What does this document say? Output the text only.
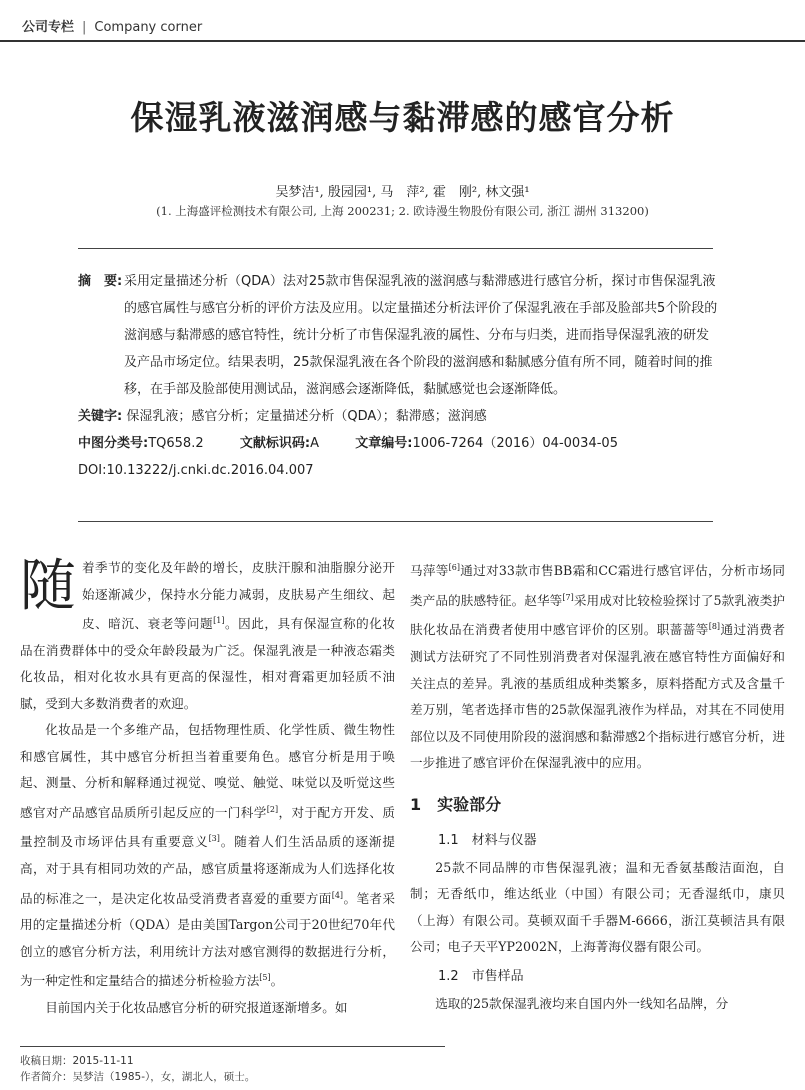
公司专栏 | Company corner
保湿乳液滋润感与黏滞感的感官分析
吴梦洁¹, 殷园园¹, 马　萍², 霍　刚², 林文强¹
(1. 上海盛评检测技术有限公司, 上海 200231; 2. 欧诗漫生物股份有限公司, 浙江 湖州 313200)
摘　要: 采用定量描述分析（QDA）法对25款市售保湿乳液的滋润感与黏滞感进行感官分析，探讨市售保湿乳液的感官属性与感官分析的评价方法及应用。以定量描述分析法评价了保湿乳液在手部及脸部共5个阶段的滋润感与黏滞感的感官特性，统计分析了市售保湿乳液的属性、分布与归类，进而指导保湿乳液的研发及产品市场定位。结果表明，25款保湿乳液在各个阶段的滋润感和黏腻感分值有所不同，随着时间的推移，在手部及脸部使用测试品，滋润感会逐渐降低，黏腻感觉也会逐渐降低。
关键字: 保湿乳液；感官分析；定量描述分析（QDA）；黏滞感；滋润感
中图分类号:TQ658.2	文献标识码:A	文章编号:1006-7264（2016）04-0034-05
DOI:10.13222/j.cnki.dc.2016.04.007

随着季节的变化及年龄的增长，皮肤汗腺和油脂腺分泌开始逐渐减少，保持水分能力减弱，皮肤易产生细纹、起皮、暗沉、衰老等问题[1]。因此，具有保湿宣称的化妆品在消费群体中的受众年龄段最为广泛。保湿乳液是一种液态霜类化妆品，相对化妆水具有更高的保湿性，相对膏霜更加轻质不油腻，受到大多数消费者的欢迎。

化妆品是一个多维产品，包括物理性质、化学性质、微生物性和感官属性，其中感官分析担当着重要角色。感官分析是用于唤起、测量、分析和解释通过视觉、嗅觉、触觉、味觉以及听觉这些感官对产品感官品质所引起反应的一门科学[2]，对于配方开发、质量控制及市场评估具有重要意义[3]。随着人们生活品质的逐渐提高，对于具有相同功效的产品，感官质量将逐渐成为人们选择化妆品的标准之一，是决定化妆品受消费者喜爱的重要方面[4]。笔者采用的定量描述分析（QDA）是由美国Targon公司于20世纪70年代创立的感官分析方法，利用统计方法对感官测得的数据进行分析，为一种定性和定量结合的描述分析检验方法[5]。

目前国内关于化妆品感官分析的研究报道逐渐增多。如

马萍等[6]通过对33款市售BB霜和CC霜进行感官评估，分析市场同类产品的肤感特征。赵华等[7]采用成对比较检验探讨了5款乳液类护肤化妆品在消费者使用中感官评价的区别。职蔷蔷等[8]通过消费者测试方法研究了不同性别消费者对保湿乳液在感官特性方面偏好和关注点的差异。乳液的基质组成种类繁多，原料搭配方式及含量千差万别，笔者选择市售的25款保湿乳液作为样品，对其在不同使用部位以及不同使用阶段的滋润感和黏滞感2个指标进行感官分析，进一步推进了感官评价在保湿乳液中的应用。

1　实验部分
1.1　材料与仪器

25款不同品牌的市售保湿乳液；温和无香氨基酸洁面泡，自制；无香纸巾，维达纸业（中国）有限公司；无香湿纸巾，康贝（上海）有限公司。莫顿双面千手器M-6666，浙江莫顿洁具有限公司；电子天平YP2002N，上海菁海仪器有限公司。

1.2　市售样品

选取的25款保湿乳液均来自国内外一线知名品牌，分

收稿日期：2015-11-11
作者简介：吴梦洁（1985-），女，湖北人，硕士。
